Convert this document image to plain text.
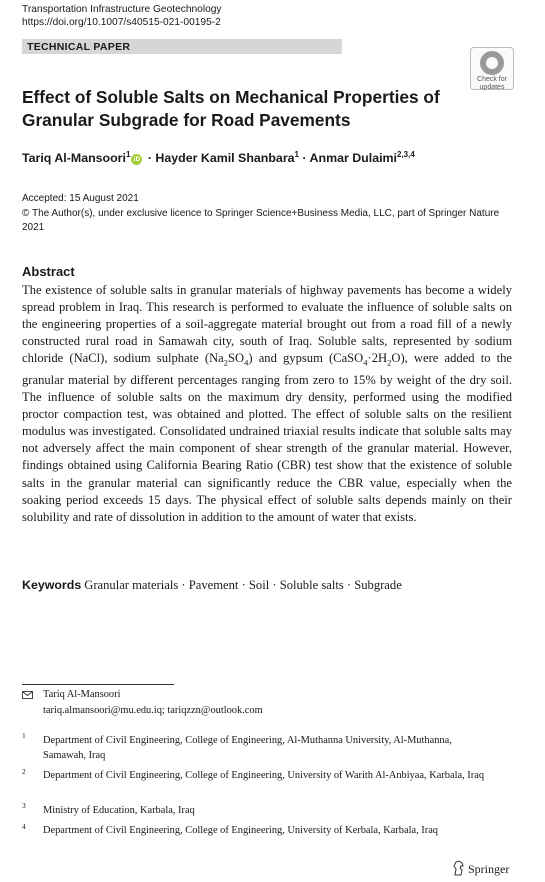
Transportation Infrastructure Geotechnology
https://doi.org/10.1007/s40515-021-00195-2
TECHNICAL PAPER
Check for
updates
Effect of Soluble Salts on Mechanical Properties of Granular Subgrade for Road Pavements
Tariq Al-Mansoori$^1$iD · Hayder Kamil Shanbara$^1$ · Anmar Dulaimi$^{2,3,4}$
Accepted: 15 August 2021
© The Author(s), under exclusive licence to Springer Science+Business Media, LLC, part of Springer Nature 2021
Abstract
The existence of soluble salts in granular materials of highway pavements has become a widely spread problem in Iraq. This research is performed to evaluate the influence of soluble salts on the engineering properties of a soil-aggregate material brought out from a road fill of a newly constructed rural road in Samawah city, south of Iraq. Soluble salts, represented by sodium chloride (NaCl), sodium sulphate $(Na_2SO_4)$ and gypsum $(CaSO_4\cdot 2H_2O)$, were added to the granular material by different percentages ranging from zero to 15% by weight of the dry soil. The influence of soluble salts on the maximum dry density, performed using the modified proctor compaction test, was obtained and plotted. The effect of soluble salts on the resilient modulus was investigated. Consolidated undrained triaxial results indicate that soluble salts may not adversely affect the main component of shear strength of the granular material. However, findings obtained using California Bearing Ratio (CBR) test show that the existence of soluble salts in the granular material can significantly reduce the CBR value, especially when the soaking period exceeds 15 days. The physical effect of soluble salts depends mainly on their solubility and rate of dissolution in addition to the amount of water that exists.
Keywords Granular materials · Pavement · Soil · Soluble salts · Subgrade
Tariq Al-Mansoori
tariq.almansoori@mu.edu.iq; tariqzzn@outlook.com
1 Department of Civil Engineering, College of Engineering, Al-Muthanna University, Al-Muthanna, Samawah, Iraq
2 Department of Civil Engineering, College of Engineering, University of Warith Al-Anbiyaa, Karbala, Iraq
3 Ministry of Education, Karbala, Iraq
4 Department of Civil Engineering, College of Engineering, University of Kerbala, Karbala, Iraq
Springer
